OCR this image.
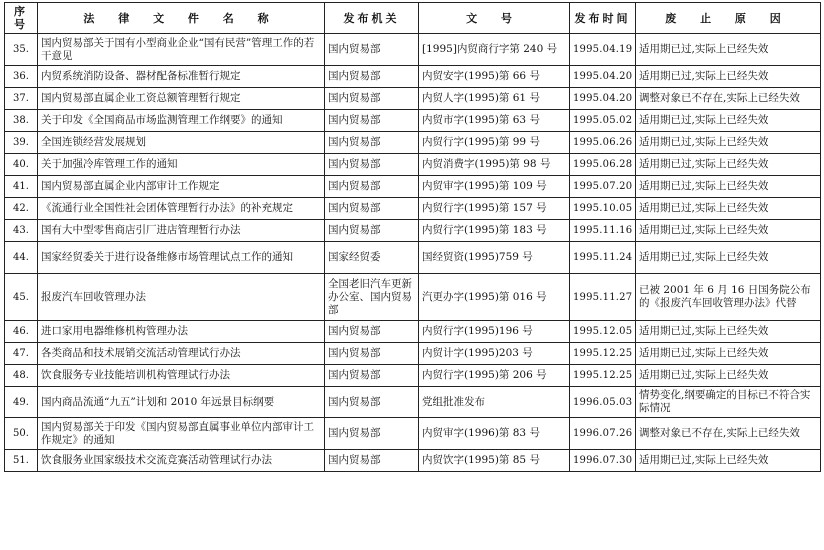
序号	法 律 文 件 名 称	发布机关	文 号	发布时间	废 止 原 因
35.	国内贸易部关于国有小型商业企业“国有民营”管理工作的若干意见	国内贸易部	[1995]内贸商行字第 240 号	1995.04.19	适用期已过,实际上已经失效
36.	内贸系统消防设备、器材配备标准暂行规定	国内贸易部	内贸安字(1995)第 66 号	1995.04.20	适用期已过,实际上已经失效
37.	国内贸易部直属企业工资总额管理暂行规定	国内贸易部	内贸人字(1995)第 61 号	1995.04.20	调整对象已不存在,实际上已经失效
38.	关于印发《全国商品市场监测管理工作纲要》的通知	国内贸易部	内贸市字(1995)第 63 号	1995.05.02	适用期已过,实际上已经失效
39.	全国连锁经营发展规划	国内贸易部	内贸行字(1995)第 99 号	1995.06.26	适用期已过,实际上已经失效
40.	关于加强冷库管理工作的通知	国内贸易部	内贸消费字(1995)第 98 号	1995.06.28	适用期已过,实际上已经失效
41.	国内贸易部直属企业内部审计工作规定	国内贸易部	内贸审字(1995)第 109 号	1995.07.20	适用期已过,实际上已经失效
42.	《流通行业全国性社会团体管理暂行办法》的补充规定	国内贸易部	内贸行字(1995)第 157 号	1995.10.05	适用期已过,实际上已经失效
43.	国有大中型零售商店引厂进店管理暂行办法	国内贸易部	内贸行字(1995)第 183 号	1995.11.16	适用期已过,实际上已经失效
44.	国家经贸委关于进行设备维修市场管理试点工作的通知	国家经贸委	国经贸资(1995)759 号	1995.11.24	适用期已过,实际上已经失效
45.	报废汽车回收管理办法	全国老旧汽车更新办公室、国内贸易部	汽更办字(1995)第 016 号	1995.11.27	已被 2001 年 6 月 16 日国务院公布的《报废汽车回收管理办法》代替
46.	进口家用电器维修机构管理办法	国内贸易部	内贸行字(1995)196 号	1995.12.05	适用期已过,实际上已经失效
47.	各类商品和技术展销交流活动管理试行办法	国内贸易部	内贸计字(1995)203 号	1995.12.25	适用期已过,实际上已经失效
48.	饮食服务专业技能培训机构管理试行办法	国内贸易部	内贸行字(1995)第 206 号	1995.12.25	适用期已过,实际上已经失效
49.	国内商品流通“九五”计划和 2010 年远景目标纲要	国内贸易部	党组批准发布	1996.05.03	情势变化,纲要确定的目标已不符合实际情况
50.	国内贸易部关于印发《国内贸易部直属事业单位内部审计工作规定》的通知	国内贸易部	内贸审字(1996)第 83 号	1996.07.26	调整对象已不存在,实际上已经失效
51.	饮食服务业国家级技术交流竞赛活动管理试行办法	国内贸易部	内贸饮字(1995)第 85 号	1996.07.30	适用期已过,实际上已经失效
